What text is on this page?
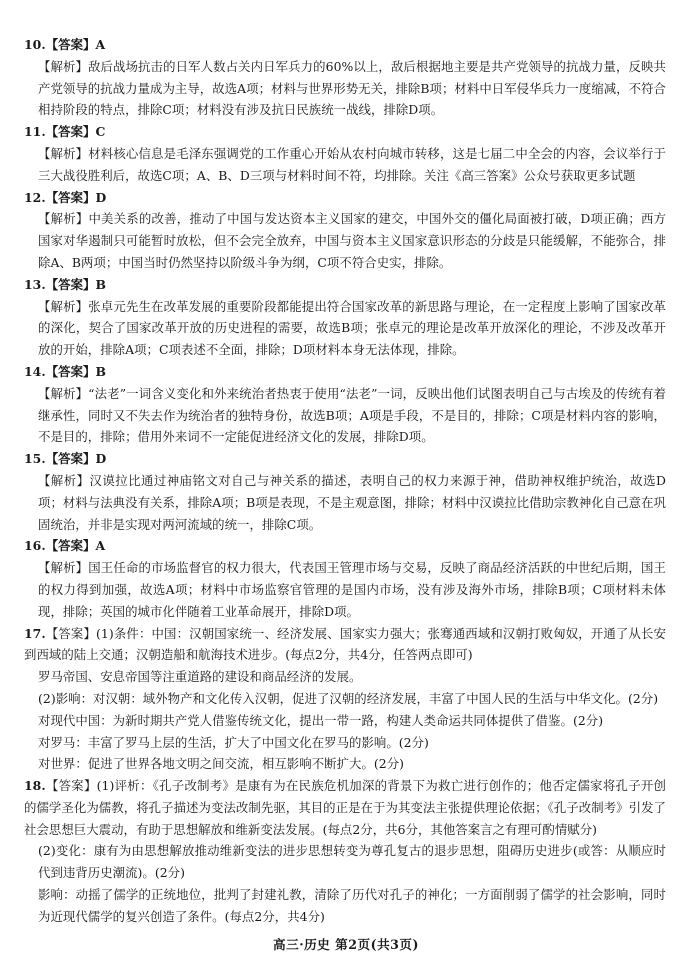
10.【答案】A

【解析】敌后战场抗击的日军人数占关内日军兵力的60%以上，敌后根据地主要是共产党领导的抗战力量，反映共产党领导的抗战力量成为主导，故选A项；材料与世界形势无关，排除B项；材料中日军侵华兵力一度缩减，不符合相持阶段的特点，排除C项；材料没有涉及抗日民族统一战线，排除D项。

11.【答案】C

【解析】材料核心信息是毛泽东强调党的工作重心开始从农村向城市转移，这是七届二中全会的内容，会议举行于三大战役胜利后，故选C项；A、B、D三项与材料时间不符，均排除。关注《高三答案》公众号获取更多试题

12.【答案】D

【解析】中美关系的改善，推动了中国与发达资本主义国家的建交，中国外交的僵化局面被打破，D项正确；西方国家对华遏制只可能暂时放松，但不会完全放弃，中国与资本主义国家意识形态的分歧是只能缓解，不能弥合，排除A、B两项；中国当时仍然坚持以阶级斗争为纲，C项不符合史实，排除。

13.【答案】B

【解析】张卓元先生在改革发展的重要阶段都能提出符合国家改革的新思路与理论，在一定程度上影响了国家改革的深化，契合了国家改革开放的历史进程的需要，故选B项；张卓元的理论是改革开放深化的理论，不涉及改革开放的开始，排除A项；C项表述不全面，排除；D项材料本身无法体现，排除。

14.【答案】B

【解析】“法老”一词含义变化和外来统治者热衷于使用“法老”一词，反映出他们试图表明自己与古埃及的传统有着继承性，同时又不失去作为统治者的独特身份，故选B项；A项是手段，不是目的，排除；C项是材料内容的影响，不是目的，排除；借用外来词不一定能促进经济文化的发展，排除D项。

15.【答案】D

【解析】汉谟拉比通过神庙铭文对自己与神关系的描述，表明自己的权力来源于神，借助神权维护统治，故选D项；材料与法典没有关系，排除A项；B项是表现，不是主观意图，排除；材料中汉谟拉比借助宗教神化自己意在巩固统治，并非是实现对两河流域的统一，排除C项。

16.【答案】A

【解析】国王任命的市场监督官的权力很大，代表国王管理市场与交易，反映了商品经济活跃的中世纪后期，国王的权力得到加强，故选A项；材料中市场监察官管理的是国内市场，没有涉及海外市场，排除B项；C项材料未体现，排除；英国的城市化伴随着工业革命展开，排除D项。

17.【答案】(1)条件：中国：汉朝国家统一、经济发展、国家实力强大；张骞通西域和汉朝打败匈奴，开通了从长安到西域的陆上交通；汉朝造船和航海技术进步。(每点2分，共4分，任答两点即可)

罗马帝国、安息帝国等注重道路的建设和商品经济的发展。

(2)影响：对汉朝：域外物产和文化传入汉朝，促进了汉朝的经济发展，丰富了中国人民的生活与中华文化。(2分)

对现代中国：为新时期共产党人借鉴传统文化，提出一带一路，构建人类命运共同体提供了借鉴。(2分)

对罗马：丰富了罗马上层的生活，扩大了中国文化在罗马的影响。(2分)

对世界：促进了世界各地文明之间交流，相互影响不断扩大。(2分)

18.【答案】(1)评析：《孔子改制考》是康有为在民族危机加深的背景下为救亡进行创作的；他否定儒家将孔子开创的儒学圣化为儒教，将孔子描述为变法改制先驱，其目的正是在于为其变法主张提供理论依据；《孔子改制考》引发了社会思想巨大震动，有助于思想解放和维新变法发展。(每点2分，共6分，其他答案言之有理可酌情赋分)

(2)变化：康有为由思想解放推动维新变法的进步思想转变为尊孔复古的退步思想，阻碍历史进步(或答：从顺应时代到违背历史潮流)。(2分)

影响：动摇了儒学的正统地位，批判了封建礼教，清除了历代对孔子的神化；一方面削弱了儒学的社会影响，同时为近现代儒学的复兴创造了条件。(每点2分，共4分)

高三·历史 第2页(共3页)
